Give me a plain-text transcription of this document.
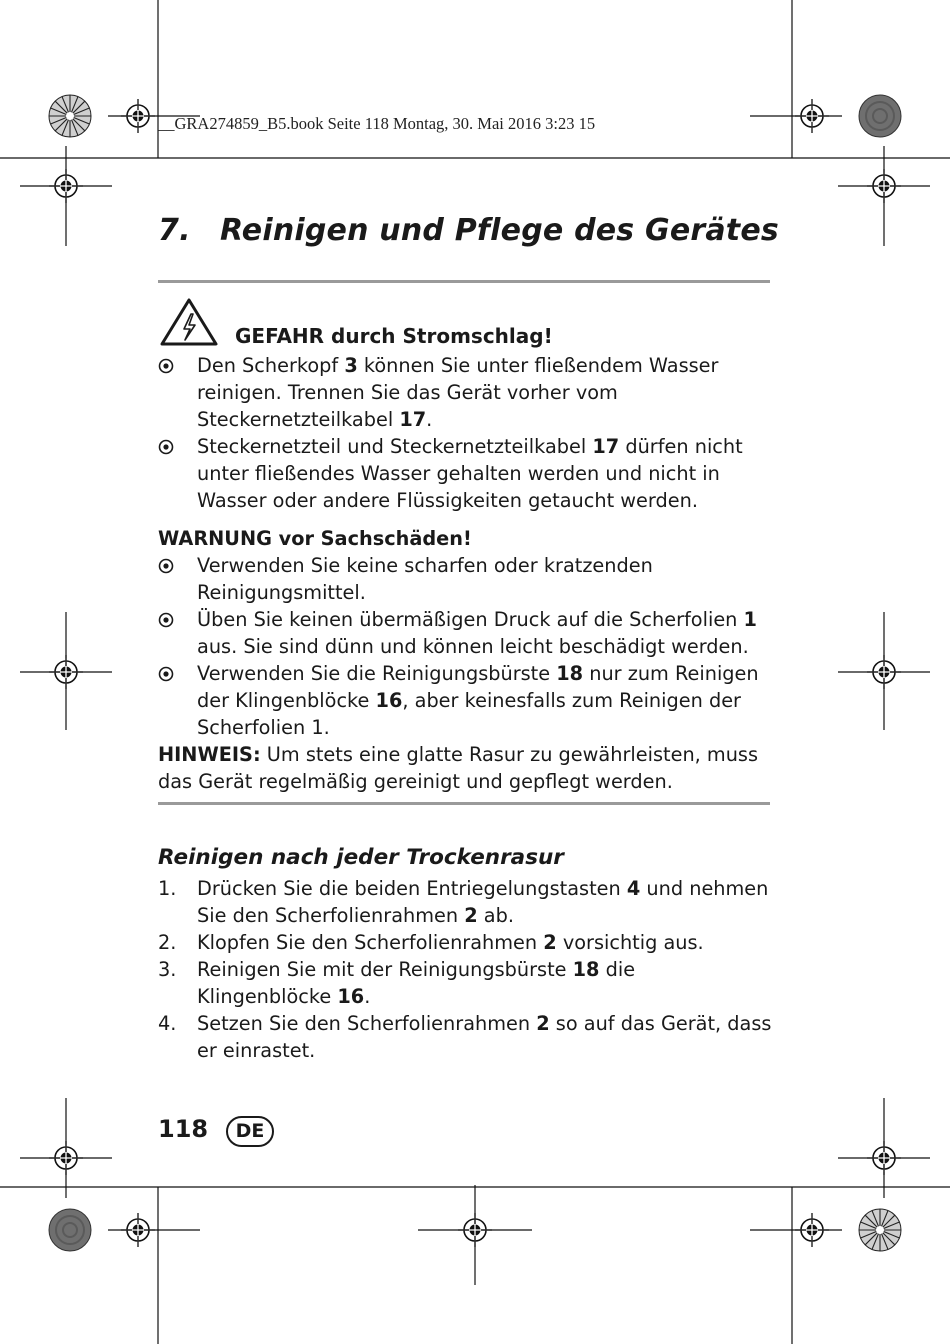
__GRA274859_B5.book Seite 118 Montag, 30. Mai 2016 3:23 15
7. Reinigen und Pflege des Gerätes
GEFAHR durch Stromschlag!
Den Scherkopf 3 können Sie unter fließendem Wasser reinigen. Trennen Sie das Gerät vorher vom Steckernetzteilkabel 17.
Steckernetzteil und Steckernetzteilkabel 17 dürfen nicht unter fließendes Wasser gehalten werden und nicht in Wasser oder andere Flüssigkeiten getaucht werden.
WARNUNG vor Sachschäden!
Verwenden Sie keine scharfen oder kratzenden Reinigungsmittel.
Üben Sie keinen übermäßigen Druck auf die Scherfolien 1 aus. Sie sind dünn und können leicht beschädigt werden.
Verwenden Sie die Reinigungsbürste 18 nur zum Reinigen der Klingenblöcke 16, aber keinesfalls zum Reinigen der Scherfolien 1.
HINWEIS: Um stets eine glatte Rasur zu gewährleisten, muss das Gerät regelmäßig gereinigt und gepflegt werden.
Reinigen nach jeder Trockenrasur
1. Drücken Sie die beiden Entriegelungstasten 4 und nehmen Sie den Scherfolienrahmen 2 ab.
2. Klopfen Sie den Scherfolienrahmen 2 vorsichtig aus.
3. Reinigen Sie mit der Reinigungsbürste 18 die Klingenblöcke 16.
4. Setzen Sie den Scherfolienrahmen 2 so auf das Gerät, dass er einrastet.
118	DE
